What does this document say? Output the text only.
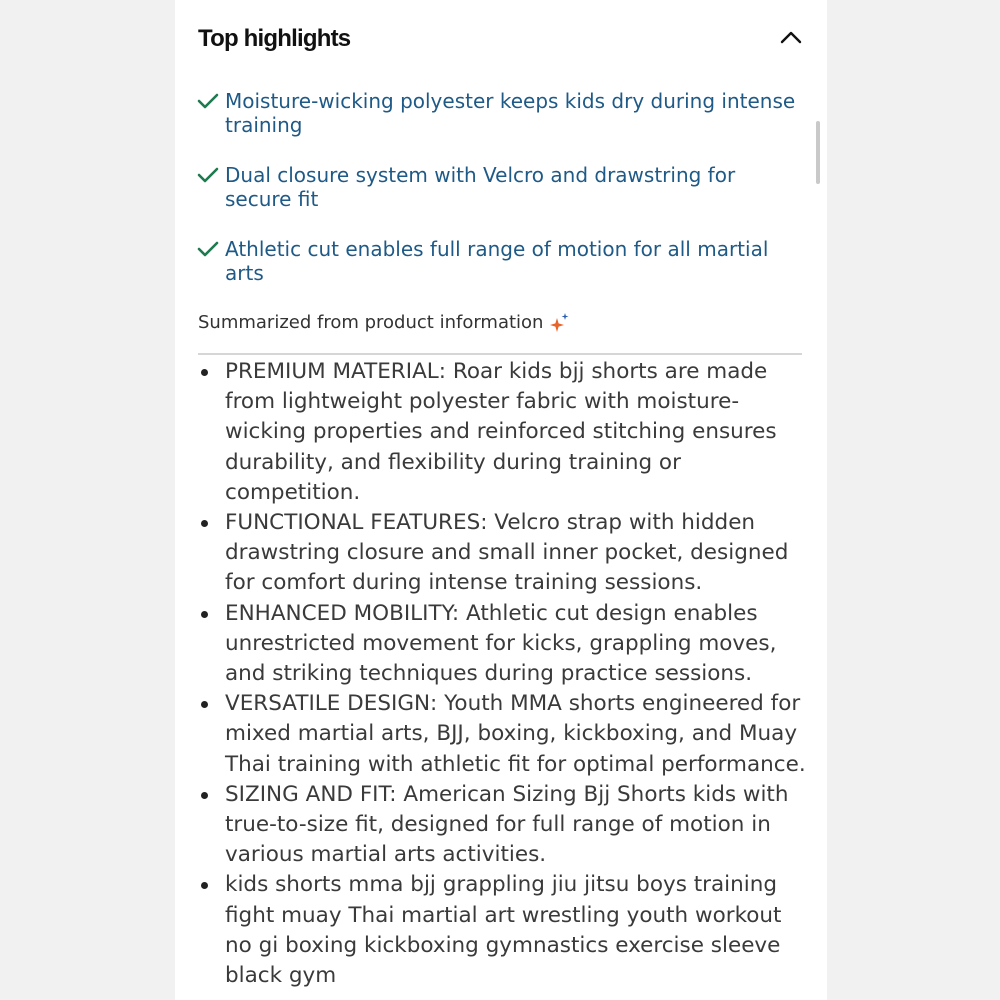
Top highlights
Moisture-wicking polyester keeps kids dry during intense training
Dual closure system with Velcro and drawstring for secure fit
Athletic cut enables full range of motion for all martial arts
Summarized from product information
PREMIUM MATERIAL: Roar kids bjj shorts are made from lightweight polyester fabric with moisture-wicking properties and reinforced stitching ensures durability, and flexibility during training or competition.
FUNCTIONAL FEATURES: Velcro strap with hidden drawstring closure and small inner pocket, designed for comfort during intense training sessions.
ENHANCED MOBILITY: Athletic cut design enables unrestricted movement for kicks, grappling moves, and striking techniques during practice sessions.
VERSATILE DESIGN: Youth MMA shorts engineered for mixed martial arts, BJJ, boxing, kickboxing, and Muay Thai training with athletic fit for optimal performance.
SIZING AND FIT: American Sizing Bjj Shorts kids with true-to-size fit, designed for full range of motion in various martial arts activities.
kids shorts mma bjj grappling jiu jitsu boys training fight muay Thai martial art wrestling youth workout no gi boxing kickboxing gymnastics exercise sleeve black gym
